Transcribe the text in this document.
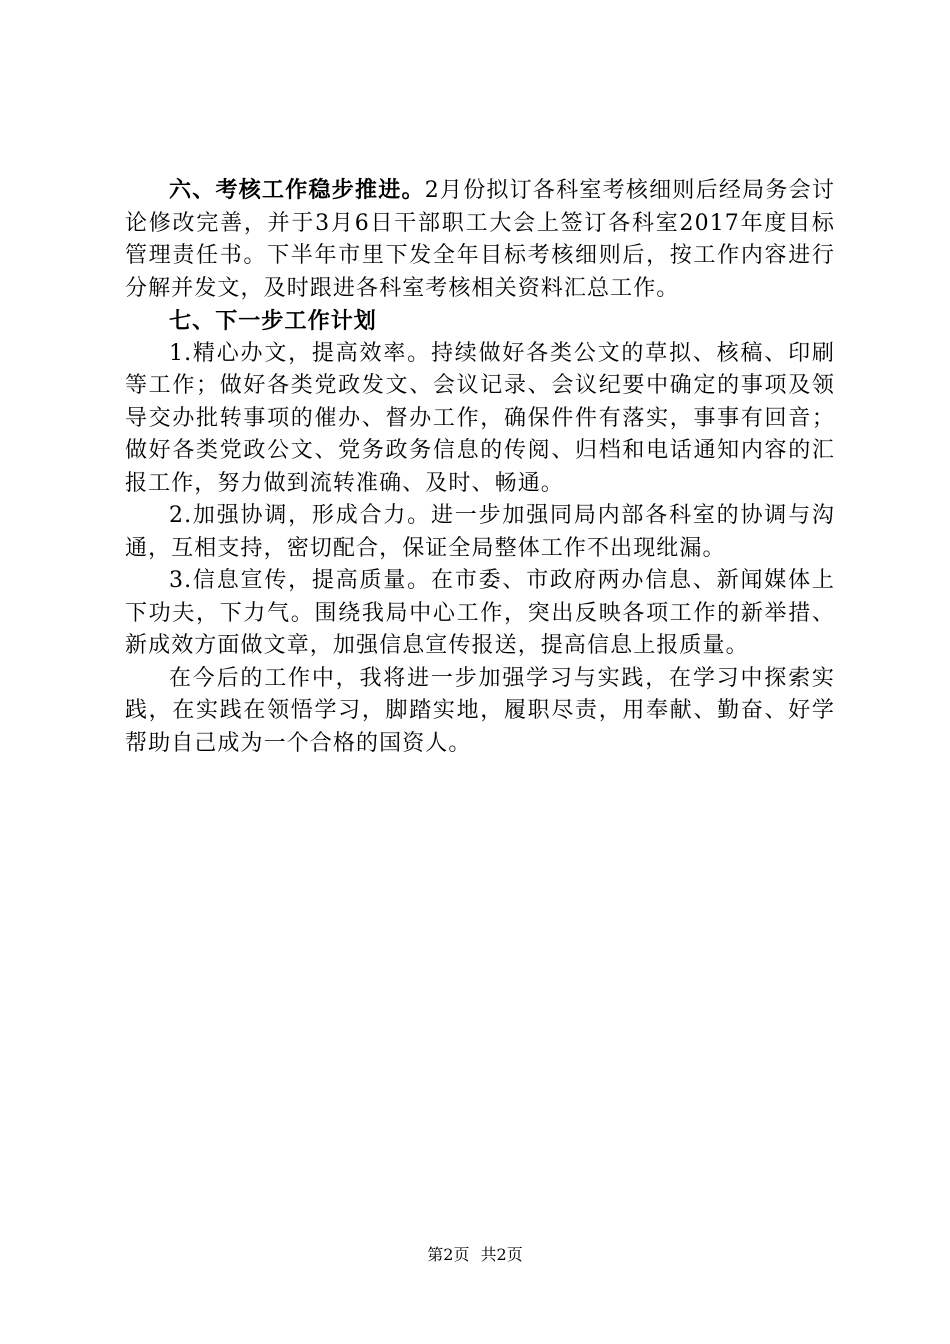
六、考核工作稳步推进。2月份拟订各科室考核细则后经局务会讨论修改完善，并于3月6日干部职工大会上签订各科室2017年度目标管理责任书。下半年市里下发全年目标考核细则后，按工作内容进行分解并发文，及时跟进各科室考核相关资料汇总工作。

七、下一步工作计划

1.精心办文，提高效率。持续做好各类公文的草拟、核稿、印刷等工作；做好各类党政发文、会议记录、会议纪要中确定的事项及领导交办批转事项的催办、督办工作，确保件件有落实，事事有回音；做好各类党政公文、党务政务信息的传阅、归档和电话通知内容的汇报工作，努力做到流转准确、及时、畅通。

2.加强协调，形成合力。进一步加强同局内部各科室的协调与沟通，互相支持，密切配合，保证全局整体工作不出现纰漏。

3.信息宣传，提高质量。在市委、市政府两办信息、新闻媒体上下功夫，下力气。围绕我局中心工作，突出反映各项工作的新举措、新成效方面做文章，加强信息宣传报送，提高信息上报质量。

在今后的工作中，我将进一步加强学习与实践，在学习中探索实践，在实践在领悟学习，脚踏实地，履职尽责，用奉献、勤奋、好学帮助自己成为一个合格的国资人。

第2页 共2页
